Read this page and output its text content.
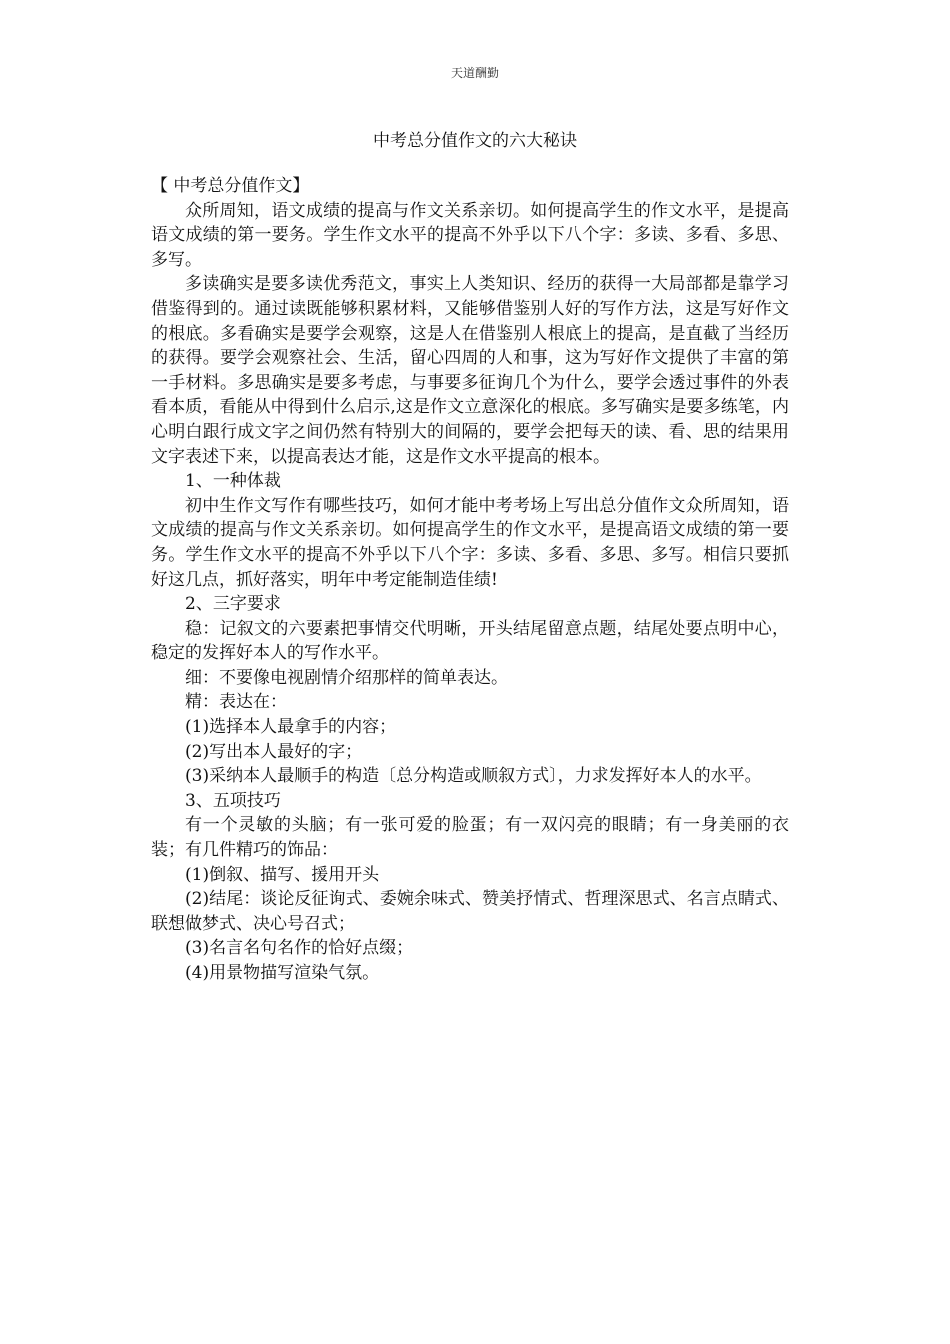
天道酬勤
中考总分值作文的六大秘诀

【 中考总分值作文】

众所周知，语文成绩的提高与作文关系亲切。如何提高学生的作文水平，是提高语文成绩的第一要务。学生作文水平的提高不外乎以下八个字：多读、多看、多思、多写。

多读确实是要多读优秀范文，事实上人类知识、经历的获得一大局部都是靠学习借鉴得到的。通过读既能够积累材料，又能够借鉴别人好的写作方法，这是写好作文的根底。多看确实是要学会观察，这是人在借鉴别人根底上的提高，是直截了当经历的获得。要学会观察社会、生活，留心四周的人和事，这为写好作文提供了丰富的第一手材料。多思确实是要多考虑，与事要多征询几个为什么，要学会透过事件的外表看本质，看能从中得到什么启示,这是作文立意深化的根底。多写确实是要多练笔，内心明白跟行成文字之间仍然有特别大的间隔的，要学会把每天的读、看、思的结果用文字表述下来，以提高表达才能，这是作文水平提高的根本。

1、一种体裁

初中生作文写作有哪些技巧，如何才能中考考场上写出总分值作文众所周知，语文成绩的提高与作文关系亲切。如何提高学生的作文水平，是提高语文成绩的第一要务。学生作文水平的提高不外乎以下八个字：多读、多看、多思、多写。相信只要抓好这几点，抓好落实，明年中考定能制造佳绩!

2、三字要求

稳：记叙文的六要素把事情交代明晰，开头结尾留意点题，结尾处要点明中心，稳定的发挥好本人的写作水平。

细：不要像电视剧情介绍那样的简单表达。

精：表达在：

(1)选择本人最拿手的内容；

(2)写出本人最好的字；

(3)采纳本人最顺手的构造〔总分构造或顺叙方式〕，力求发挥好本人的水平。

3、五项技巧

有一个灵敏的头脑；有一张可爱的脸蛋；有一双闪亮的眼睛；有一身美丽的衣装；有几件精巧的饰品：

(1)倒叙、描写、援用开头

(2)结尾：谈论反征询式、委婉余味式、赞美抒情式、哲理深思式、名言点睛式、联想做梦式、决心号召式；

(3)名言名句名作的恰好点缀；

(4)用景物描写渲染气氛。
